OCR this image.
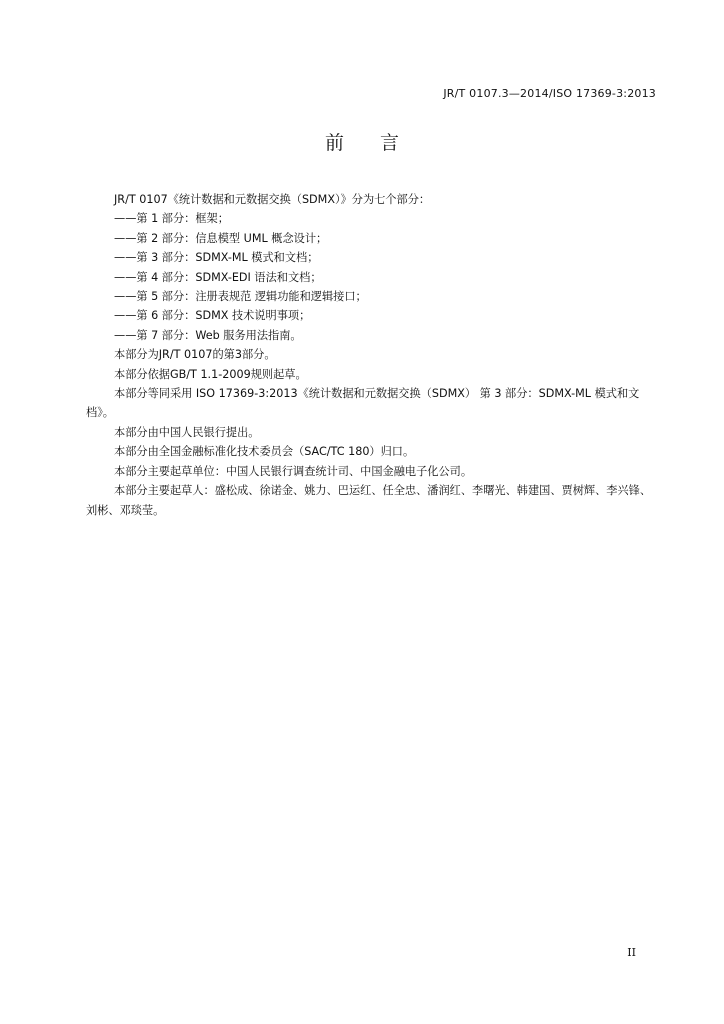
JR/T 0107.3—2014/ISO 17369-3:2013
前 言

JR/T 0107《统计数据和元数据交换（SDMX）》分为七个部分：

——第 1 部分：框架；

——第 2 部分：信息模型 UML 概念设计；

——第 3 部分：SDMX-ML 模式和文档；

——第 4 部分：SDMX-EDI 语法和文档；

——第 5 部分：注册表规范 逻辑功能和逻辑接口；

——第 6 部分：SDMX 技术说明事项；

——第 7 部分：Web 服务用法指南。

本部分为JR/T 0107的第3部分。

本部分依据GB/T 1.1-2009规则起草。

本部分等同采用 ISO 17369-3:2013《统计数据和元数据交换（SDMX） 第 3 部分：SDMX-ML 模式和文档》。

本部分由中国人民银行提出。

本部分由全国金融标准化技术委员会（SAC/TC 180）归口。

本部分主要起草单位：中国人民银行调查统计司、中国金融电子化公司。

本部分主要起草人：盛松成、徐诺金、姚力、巴运红、任全忠、潘润红、李曙光、韩建国、贾树辉、李兴锋、刘彬、邓琰莹。

II
